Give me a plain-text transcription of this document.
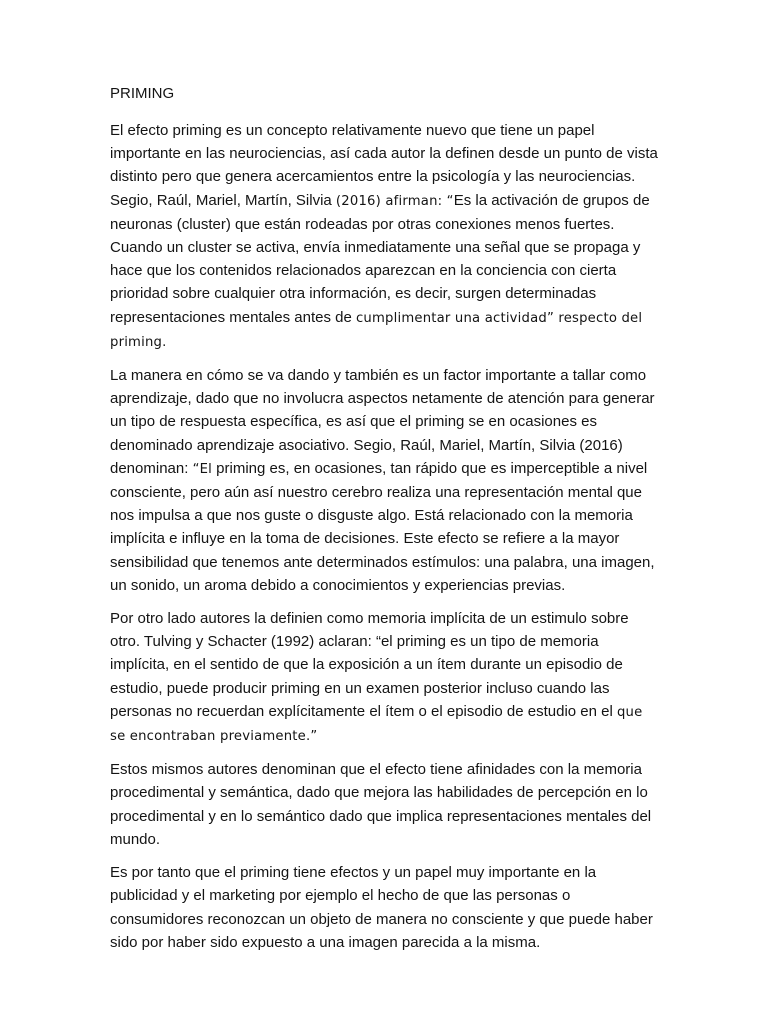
PRIMING

El efecto priming es un concepto relativamente nuevo que tiene un papel importante en las neurociencias, así cada autor la definen desde un punto de vista distinto pero que genera acercamientos entre la psicología y las neurociencias. Segio, Raúl, Mariel, Martín, Silvia (2016) afirman: “Es la activación de grupos de neuronas (cluster) que están rodeadas por otras conexiones menos fuertes. Cuando un cluster se activa, envía inmediatamente una señal que se propaga y hace que los contenidos relacionados aparezcan en la conciencia con cierta prioridad sobre cualquier otra información, es decir, surgen determinadas representaciones mentales antes de cumplimentar una actividad” respecto del priming.

La manera en cómo se va dando y también es un factor importante a tallar como aprendizaje, dado que no involucra aspectos netamente de atención para generar un tipo de respuesta específica, es así que el priming se en ocasiones es denominado aprendizaje asociativo. Segio, Raúl, Mariel, Martín, Silvia (2016) denominan: “El priming es, en ocasiones, tan rápido que es imperceptible a nivel consciente, pero aún así nuestro cerebro realiza una representación mental que nos impulsa a que nos guste o disguste algo. Está relacionado con la memoria implícita e influye en la toma de decisiones. Este efecto se refiere a la mayor sensibilidad que tenemos ante determinados estímulos: una palabra, una imagen, un sonido, un aroma debido a conocimientos y experiencias previas.

Por otro lado autores la definien como memoria implícita de un estimulo sobre otro. Tulving y Schacter (1992) aclaran: “el priming es un tipo de memoria implícita, en el sentido de que la exposición a un ítem durante un episodio de estudio, puede producir priming en un examen posterior incluso cuando las personas no recuerdan explícitamente el ítem o el episodio de estudio en el que se encontraban previamente.”

Estos mismos autores denominan que el efecto tiene afinidades con la memoria procedimental y semántica, dado que mejora las habilidades de percepción en lo procedimental y en lo semántico dado que implica representaciones mentales del mundo.

Es por tanto que el priming tiene efectos y un papel muy importante en la publicidad y el marketing por ejemplo el hecho de que las personas o consumidores reconozcan un objeto de manera no consciente y que puede haber sido por haber sido expuesto a una imagen parecida a la misma.
